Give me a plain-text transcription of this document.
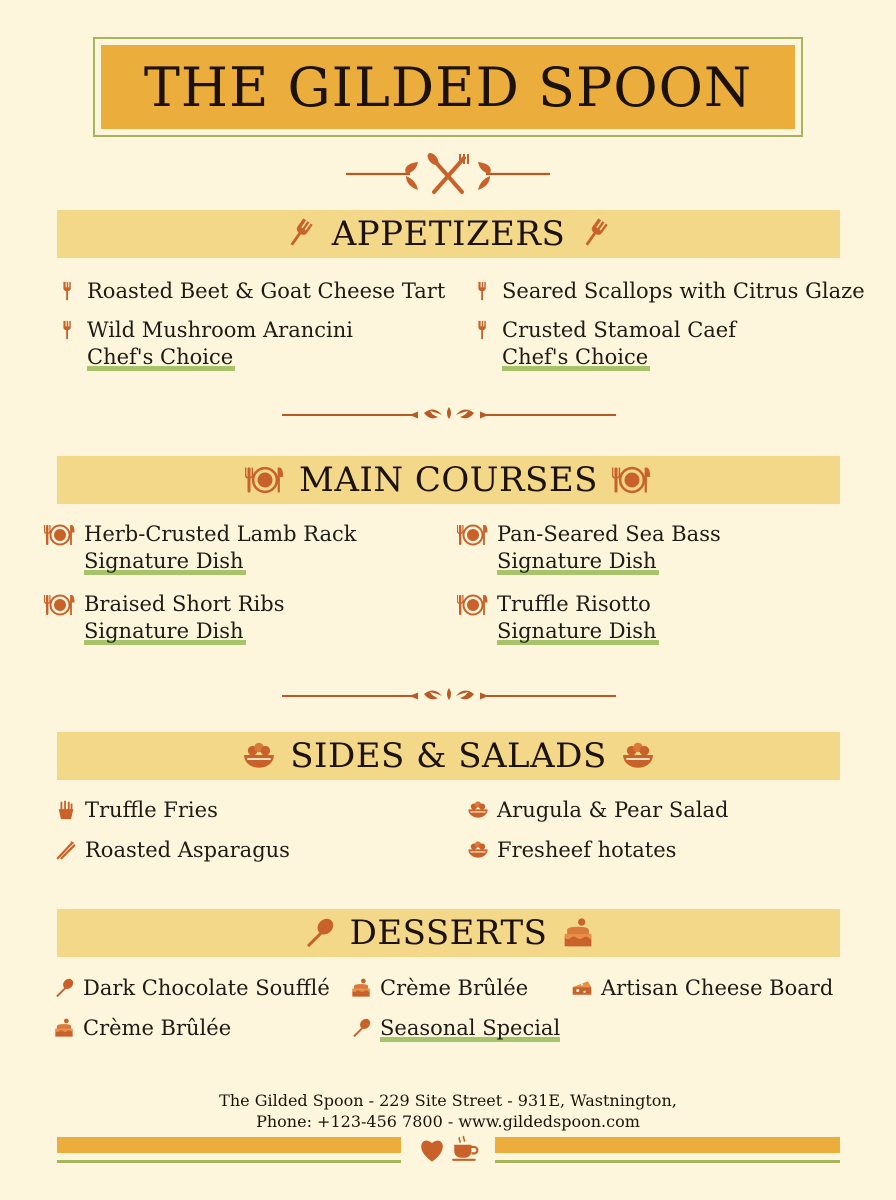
THE GILDED SPOON
APPETIZERS
Roasted Beet & Goat Cheese Tart	Seared Scallops with Citrus Glaze
Wild Mushroom Arancini
Chef's Choice
Crusted Stamoal Caef
Chef's Choice
MAIN COURSES
Herb-Crusted Lamb Rack
Signature Dish
Pan-Seared Sea Bass
Signature Dish
Braised Short Ribs
Signature Dish
Truffle Risotto
Signature Dish
SIDES & SALADS
Truffle Fries	Arugula & Pear Salad
Roasted Asparagus	Fresheef hotates
DESSERTS
Dark Chocolate Soufflé Crème Brûlée	Artisan Cheese Board
Crème Brûlée	Seasonal Special
The Gilded Spoon - 229 Site Street - 931E, Wastnington,
Phone: +123-456 7800 - www.gildedspoon.com
